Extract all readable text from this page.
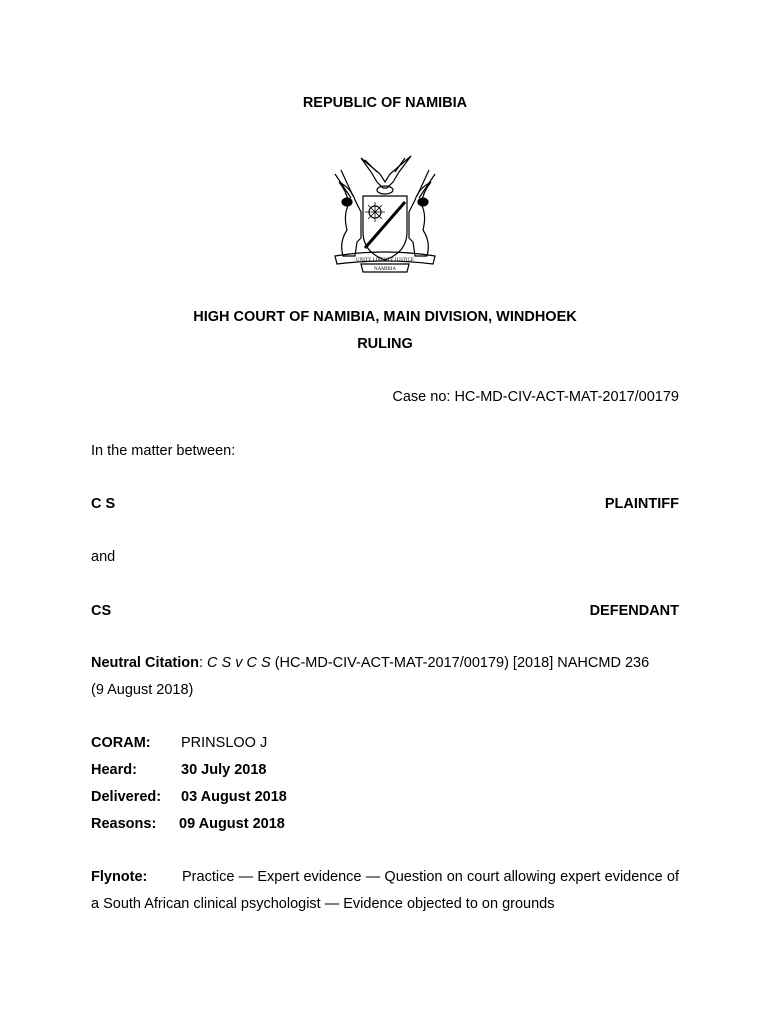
REPUBLIC OF NAMIBIA
UNITY LIBERTY JUSTICE
NAMIBIA
HIGH COURT OF NAMIBIA, MAIN DIVISION, WINDHOEK
RULING
Case no: HC-MD-CIV-ACT-MAT-2017/00179
In the matter between:
C S	PLAINTIFF
and
CS	DEFENDANT
Neutral Citation: C S v C S (HC-MD-CIV-ACT-MAT-2017/00179) [2018] NAHCMD 236
(9 August 2018)
CORAM: PRINSLOO J
Heard:	30 July 2018
Delivered: 03 August 2018
Reasons: 09 August 2018
Flynote: Practice — Expert evidence — Question on court allowing expert evidence of a South African clinical psychologist — Evidence objected to on grounds
